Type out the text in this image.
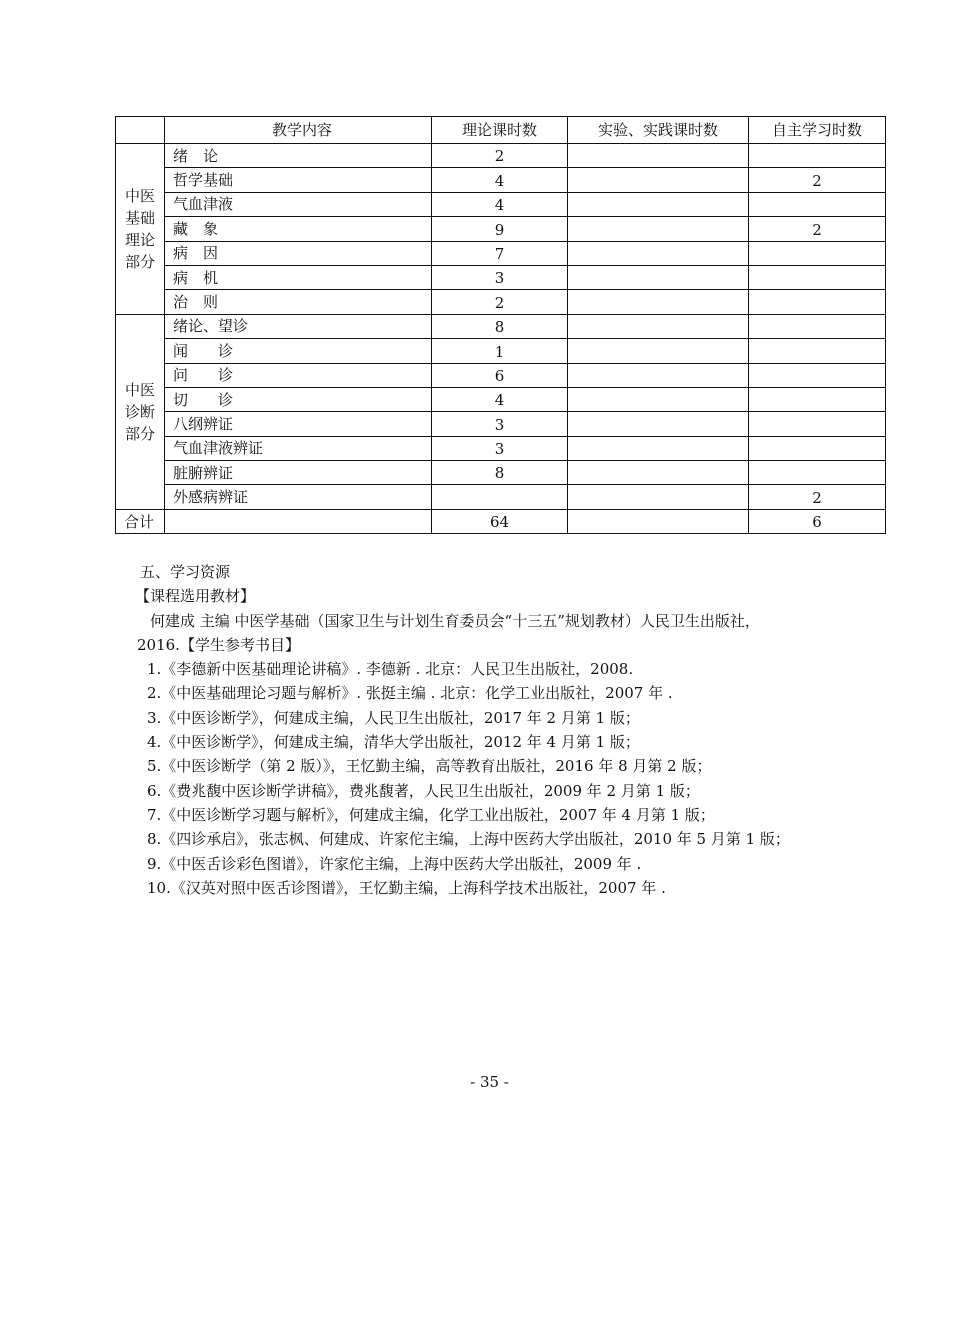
	教学内容	理论课时数	实验、实践课时数	自主学习时数

中医
基础
理论
部分	绪　论	2		
	哲学基础	4		2
	气血津液	4		
	藏　象	9		2
	病　因	7		
	病　机	3		
	治　则	2		

中医
诊断
部分	绪论、望诊	8		
	闻　　诊	1		
	问　　诊	6		
	切　　诊	4		
	八纲辨证	3		
	气血津液辨证	3		
	脏腑辨证	8		
	外感病辨证			2
合计		64		6

五、学习资源

【课程选用教材】

何建成 主编 中医学基础（国家卫生与计划生育委员会“十三五”规划教材）人民卫生出版社，

2016.【学生参考书目】

1.《李德新中医基础理论讲稿》. 李德新 . 北京：人民卫生出版社，2008.

2.《中医基础理论习题与解析》. 张挺主编 . 北京：化学工业出版社，2007 年 .

3.《中医诊断学》，何建成主编，人民卫生出版社，2017 年 2 月第 1 版；

4.《中医诊断学》，何建成主编，清华大学出版社，2012 年 4 月第 1 版；

5.《中医诊断学（第 2 版）》，王忆勤主编，高等教育出版社，2016 年 8 月第 2 版；

6.《费兆馥中医诊断学讲稿》，费兆馥著，人民卫生出版社，2009 年 2 月第 1 版；

7.《中医诊断学习题与解析》，何建成主编，化学工业出版社，2007 年 4 月第 1 版；

8.《四诊承启》，张志枫、何建成、许家佗主编，上海中医药大学出版社，2010 年 5 月第 1 版；

9.《中医舌诊彩色图谱》，许家佗主编，上海中医药大学出版社，2009 年 .

10.《汉英对照中医舌诊图谱》，王忆勤主编，上海科学技术出版社，2007 年 .

- 35 -
